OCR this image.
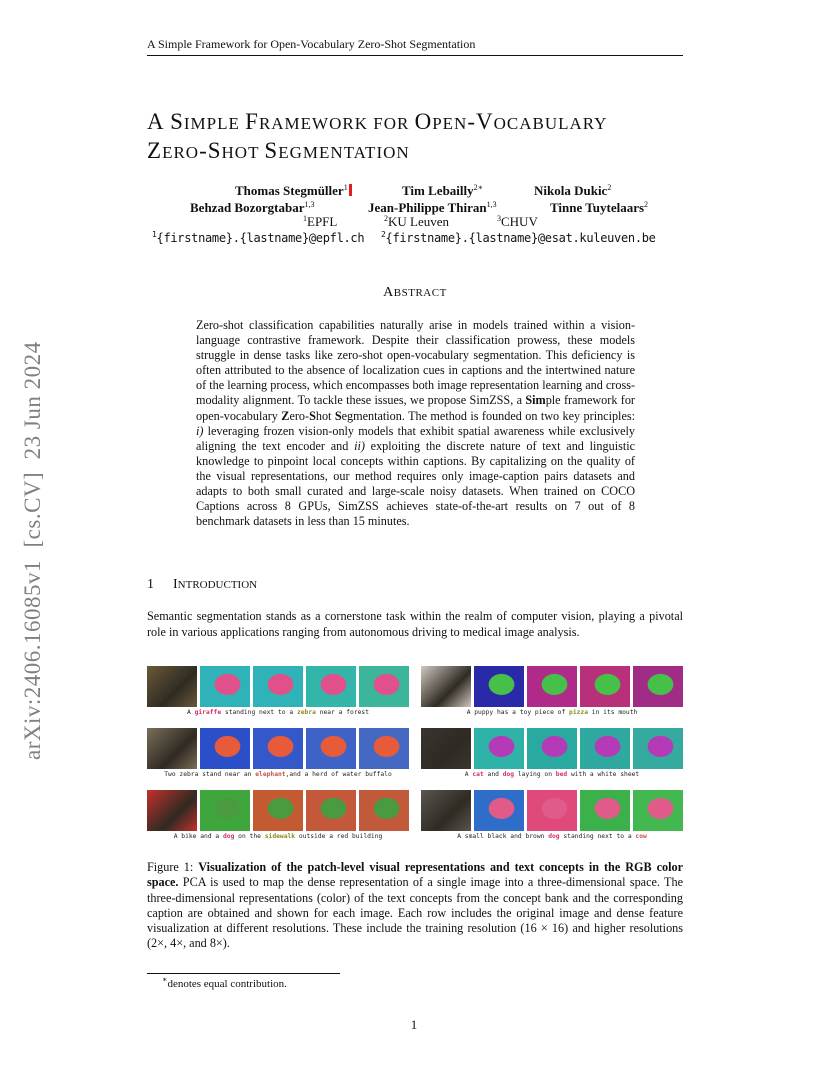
A Simple Framework for Open-Vocabulary Zero-Shot Segmentation
A SIMPLE FRAMEWORK FOR OPEN-VOCABULARY
ZERO-SHOT SEGMENTATION
Thomas Stegmüller$^1$	Tim Lebailly$^{2∗}$	Nikola Dukic$^2$
Behzad Bozorgtabar$^{1,3}$	Jean-Philippe Thiran$^{1,3}$	Tinne Tuytelaars$^2$
$^1$ EPFL	$^2$ KU Leuven	$^3$ CHUV
$^1$ {firstname}.{lastname}@epfl.ch $^2$ {firstname}.{lastname}@esat.kuleuven.be
arXiv:2406.16085v1  [cs.CV]  23 Jun 2024
ABSTRACT
Zero-shot classification capabilities naturally arise in models trained within a vision-language contrastive framework. Despite their classification prowess, these models struggle in dense tasks like zero-shot open-vocabulary segmentation. This deficiency is often attributed to the absence of localization cues in captions and the intertwined nature of the learning process, which encompasses both image representation learning and cross-modality alignment. To tackle these issues, we propose SimZSS, a Simple framework for open-vocabulary Zero-Shot Segmentation. The method is founded on two key principles: i) leveraging frozen vision-only models that exhibit spatial awareness while exclusively aligning the text encoder and ii) exploiting the discrete nature of text and linguistic knowledge to pinpoint local concepts within captions. By capitalizing on the quality of the visual representations, our method requires only image-caption pairs datasets and adapts to both small curated and large-scale noisy datasets. When trained on COCO Captions across 8 GPUs, SimZSS achieves state-of-the-art results on 7 out of 8 benchmark datasets in less than 15 minutes.
1 INTRODUCTION
Semantic segmentation stands as a cornerstone task within the realm of computer vision, playing a pivotal role in various applications ranging from autonomous driving to medical image analysis.
A giraffe standing next to a zebra near a forest	A puppy has a toy piece of pizza in its mouth
Two zebra stand near an elephant,and a herd of water buffalo	A cat and dog laying on bed with a white sheet
A bike and a dog on the sidewalk outside a red building	A small black and brown dog standing next to a cow
Figure 1: Visualization of the patch-level visual representations and text concepts in the RGB color space. PCA is used to map the dense representation of a single image into a three-dimensional space. The three-dimensional representations (color) of the text concepts from the concept bank and the corresponding caption are obtained and shown for each image. Each row includes the original image and dense feature visualization at different resolutions. These include the training resolution (16 × 16) and higher resolutions (2×, 4×, and 8×).
∗denotes equal contribution.
1
